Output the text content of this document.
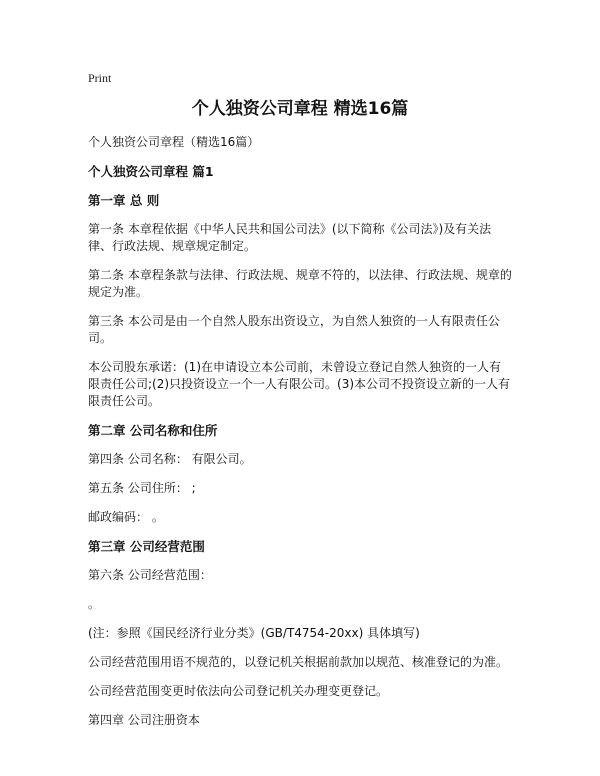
Print
个人独资公司章程 精选16篇
个人独资公司章程（精选16篇）
个人独资公司章程 篇1
第一章 总 则
第一条 本章程依据《中华人民共和国公司法》(以下简称《公司法》)及有关法律、行政法规、规章规定制定。
第二条 本章程条款与法律、行政法规、规章不符的，以法律、行政法规、规章的规定为准。
第三条 本公司是由一个自然人股东出资设立，为自然人独资的一人有限责任公司。
本公司股东承诺：(1)在申请设立本公司前，未曾设立登记自然人独资的一人有限责任公司;(2)只投资设立一个一人有限公司。(3)本公司不投资设立新的一人有限责任公司。
第二章 公司名称和住所
第四条 公司名称： 有限公司。
第五条 公司住所： ;
邮政编码： 。
第三章 公司经营范围
第六条 公司经营范围：
。
(注：参照《国民经济行业分类》(GB/T4754-20xx) 具体填写)
公司经营范围用语不规范的，以登记机关根据前款加以规范、核准登记的为准。
公司经营范围变更时依法向公司登记机关办理变更登记。
第四章 公司注册资本
